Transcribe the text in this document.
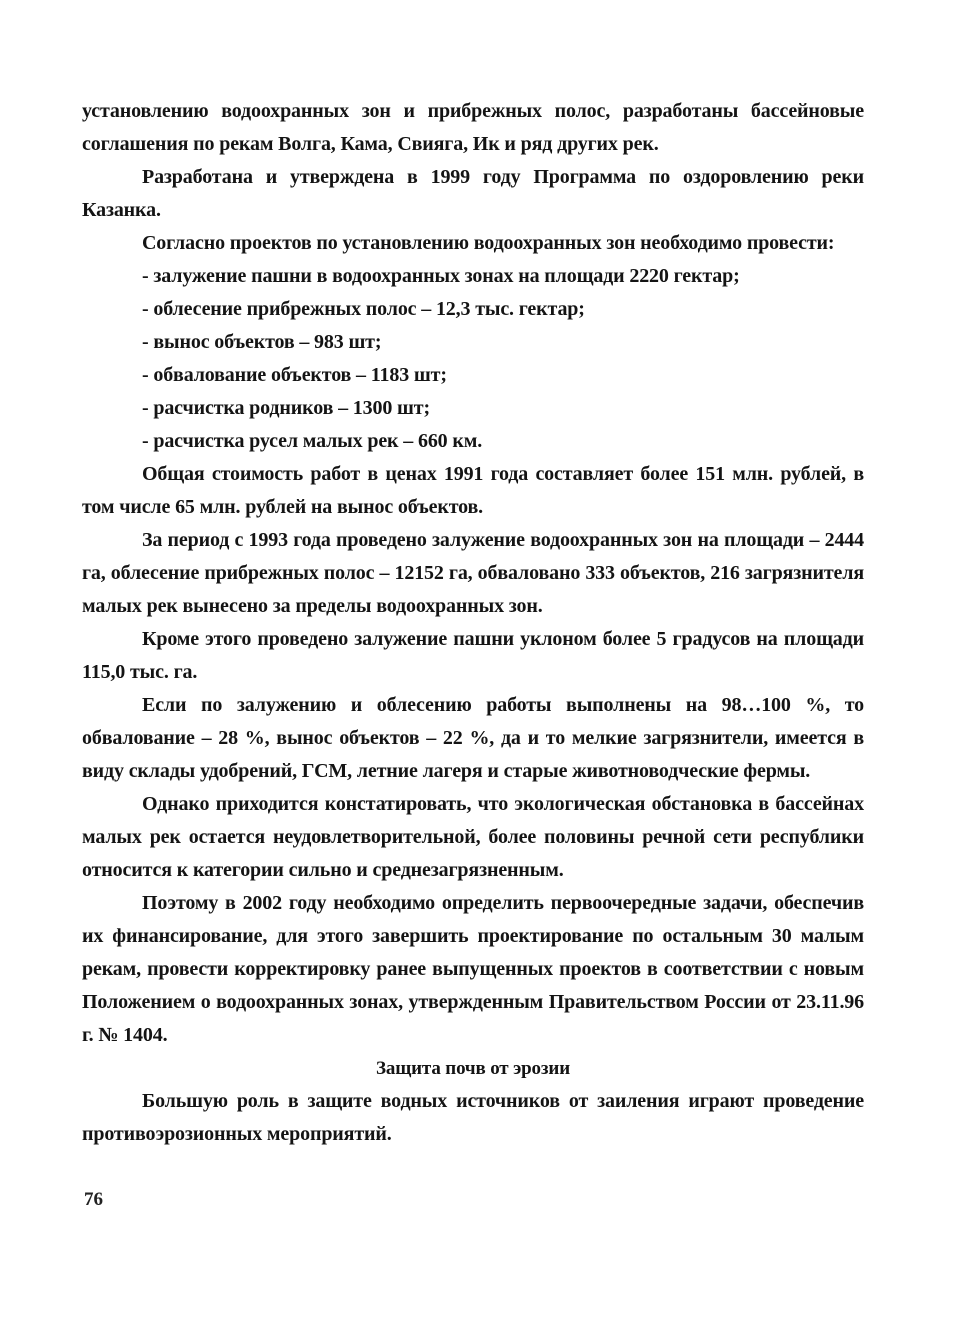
установлению водоохранных зон и прибрежных полос, разработаны бассейновые соглашения по рекам Волга, Кама, Свияга, Ик и ряд других рек.

Разработана и утверждена в 1999 году Программа по оздоровлению реки Казанка.

Согласно проектов по установлению водоохранных зон необходимо провести:

- залужение пашни в водоохранных зонах на площади 2220 гектар;

- облесение прибрежных полос – 12,3 тыс. гектар;

- вынос объектов – 983 шт;

- обвалование объектов – 1183 шт;

- расчистка родников – 1300 шт;

- расчистка русел малых рек – 660 км.

Общая стоимость работ в ценах 1991 года составляет более 151 млн. рублей, в том числе 65 млн. рублей на вынос объектов.

За период с 1993 года проведено залужение водоохранных зон на площади – 2444 га, облесение прибрежных полос – 12152 га, обваловано 333 объектов, 216 загрязнителя малых рек вынесено за пределы водоохранных зон.

Кроме этого проведено залужение пашни уклоном более 5 градусов на площади 115,0 тыс. га.

Если по залужению и облесению работы выполнены на 98…100 %, то обвалование – 28 %, вынос объектов – 22 %, да и то мелкие загрязнители, имеется в виду склады удобрений, ГСМ, летние лагеря и старые животноводческие фермы.

Однако приходится констатировать, что экологическая обстановка в бассейнах малых рек остается неудовлетворительной, более половины речной сети республики относится к категории сильно и среднезагрязненным.

Поэтому в 2002 году необходимо определить первоочередные задачи, обеспечив их финансирование, для этого завершить проектирование по остальным 30 малым рекам, провести корректировку ранее выпущенных проектов в соответствии с новым Положением о водоохранных зонах, утвержденным Правительством России от 23.11.96 г. № 1404.

Защита почв от эрозии

Большую роль в защите водных источников от заиления играют проведение противоэрозионных мероприятий.

76
